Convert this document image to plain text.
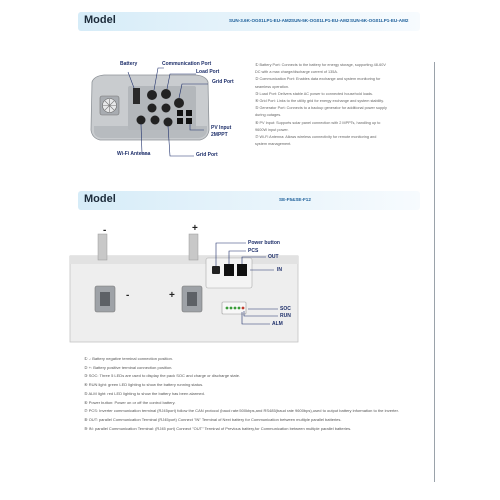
Model	SUN-3.6K-OG01LP1-EU-AM2 SUN-5K-OG01LP1-EU-AM2 SUN-6K-OG01LP1-EU-AM2
Battery	Communication Port
Load Port
Grid Port
PV Input
2MPPT
Wi-Fi Antenna	Grid Port

① Battery Port: Connects to the battery for energy storage, supporting 48-60V

DC with a max charge/discharge current of 135A.

② Communication Port: Enables data exchange and system monitoring for

seamless operation.

③ Load Port: Delivers stable AC power to connected household loads.

④ Grid Port: Links to the utility grid for energy exchange and system stability.

⑤ Generator Port: Connects to a backup generator for additional power supply

during outages.

⑥ PV Input: Supports solar panel connection with 2 MPPTs, handling up to

9600W input power.

⑦ Wi-Fi Antenna: Allows wireless connectivity for remote monitoring and

system management.

Model	SE-F5&SE-F12
-	+
-	+
Power button
PCS
OUT
IN
SOC
RUN
ALM

① -: Battery negative terminal connection position.

② +: Battery positive terminal connection position.

③ SOC: Three 5 LEDs are used to display the pack SOC and charge or discharge state.

④ RUN light: green LED lighting to show the battery running status.

⑤ ALM light: red LED lighting to show the battery has been alarmed.

⑥ Power button: Power on or off the control battery.

⑦ PCS: Inverter communication terminal (RJ45port) follow the CAN protocol (baud rate:500kbps,and RS485(baud rate 9600bps),used to output battery information to the inverter.

⑧ OUT: parallel Communication Terminal (RJ45port) Connect "IN" Terminal of Next battery for Communication between multiple parallel batteries.

⑨ IN: parallel Communication Terminal: (RJ45 port) Connect "OUT" Terminal of Previous battery,for Communication between multiple parallel batteries.
